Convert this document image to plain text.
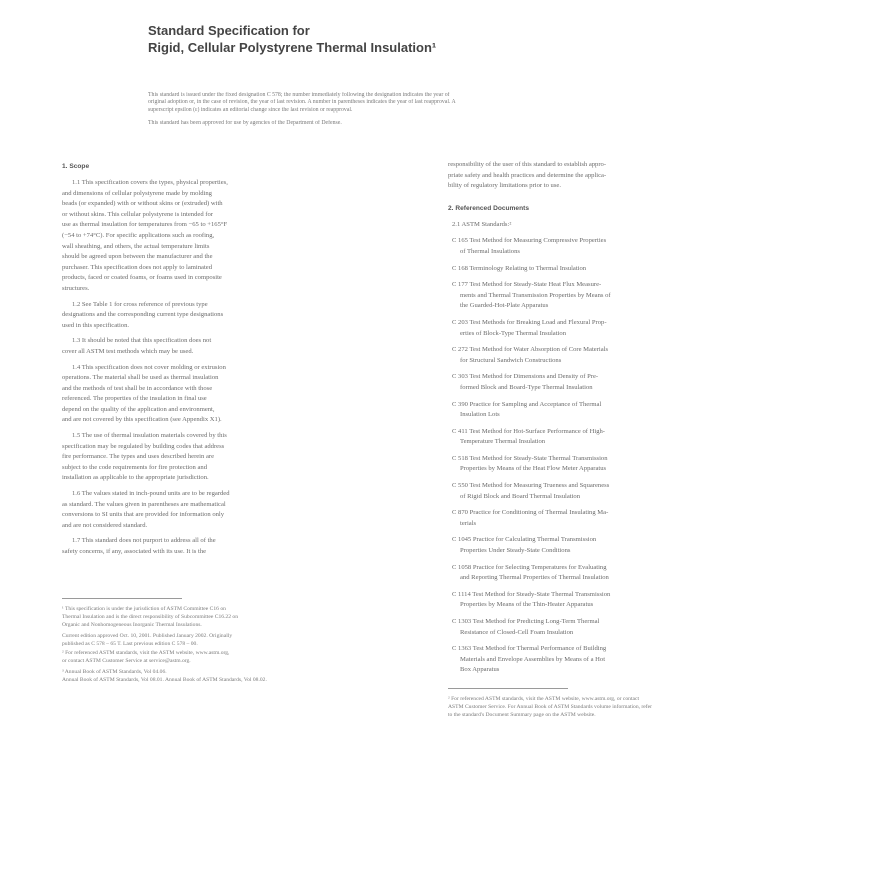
Standard Specification for
Rigid, Cellular Polystyrene Thermal Insulation¹
This standard is issued under the fixed designation C 578; the number immediately following the designation indicates the year of
original adoption or, in the case of revision, the year of last revision. A number in parentheses indicates the year of last reapproval. A
superscript epsilon (ε) indicates an editorial change since the last revision or reapproval.
This standard has been approved for use by agencies of the Department of Defense.
1. Scope
1.1 This specification covers the types, physical properties,
and dimensions of cellular polystyrene made by molding
beads (or expanded) with or without skins or (extruded) with
or without skins. This cellular polystyrene is intended for
use as thermal insulation for temperatures from −65 to +165°F
(−54 to +74°C). For specific applications such as roofing,
wall sheathing, and others, the actual temperature limits
should be agreed upon between the manufacturer and the
purchaser. This specification does not apply to laminated
products, faced or coated foams, or foams used in composite
structures.
1.2 See Table 1 for cross reference of previous type
designations and the corresponding current type designations
used in this specification.
1.3 It should be noted that this specification does not
cover all ASTM test methods which may be used.
1.4 This specification does not cover molding or extrusion
operations. The material shall be used as thermal insulation
and the methods of test shall be in accordance with those
referenced. The properties of the insulation in final use
depend on the quality of the application and environment,
and are not covered by this specification (see Appendix X1).
1.5 The use of thermal insulation materials covered by this
specification may be regulated by building codes that address
fire performance. The types and uses described herein are
subject to the code requirements for fire protection and
installation as applicable to the appropriate jurisdiction.
1.6 The values stated in inch-pound units are to be regarded
as standard. The values given in parentheses are mathematical
conversions to SI units that are provided for information only
and are not considered standard.
1.7 This standard does not purport to address all of the
safety concerns, if any, associated with its use. It is the
¹ This specification is under the jurisdiction of ASTM Committee C16 on
Thermal Insulation and is the direct responsibility of Subcommittee C16.22 on
Organic and Nonhomogeneous Inorganic Thermal Insulations.
Current edition approved Oct. 10, 2001. Published January 2002. Originally
published as C 578 – 65 T. Last previous edition C 578 – 00.
² For referenced ASTM standards, visit the ASTM website, www.astm.org,
or contact ASTM Customer Service at service@astm.org.
³ Annual Book of ASTM Standards, Vol 04.06.
Annual Book of ASTM Standards, Vol 08.01. Annual Book of ASTM Standards, Vol 08.02.
responsibility of the user of this standard to establish appro-
priate safety and health practices and determine the applica-
bility of regulatory limitations prior to use.
2. Referenced Documents
2.1 ASTM Standards:²
C 165 Test Method for Measuring Compressive Properties
of Thermal Insulations
C 168 Terminology Relating to Thermal Insulation
C 177 Test Method for Steady-State Heat Flux Measure-
ments and Thermal Transmission Properties by Means of
the Guarded-Hot-Plate Apparatus
C 203 Test Methods for Breaking Load and Flexural Prop-
erties of Block-Type Thermal Insulation
C 272 Test Method for Water Absorption of Core Materials
for Structural Sandwich Constructions
C 303 Test Method for Dimensions and Density of Pre-
formed Block and Board-Type Thermal Insulation
C 390 Practice for Sampling and Acceptance of Thermal
Insulation Lots
C 411 Test Method for Hot-Surface Performance of High-
Temperature Thermal Insulation
C 518 Test Method for Steady-State Thermal Transmission
Properties by Means of the Heat Flow Meter Apparatus
C 550 Test Method for Measuring Trueness and Squareness
of Rigid Block and Board Thermal Insulation
C 870 Practice for Conditioning of Thermal Insulating Ma-
terials
C 1045 Practice for Calculating Thermal Transmission
Properties Under Steady-State Conditions
C 1058 Practice for Selecting Temperatures for Evaluating
and Reporting Thermal Properties of Thermal Insulation
C 1114 Test Method for Steady-State Thermal Transmission
Properties by Means of the Thin-Heater Apparatus
C 1303 Test Method for Predicting Long-Term Thermal
Resistance of Closed-Cell Foam Insulation
C 1363 Test Method for Thermal Performance of Building
Materials and Envelope Assemblies by Means of a Hot
Box Apparatus
² For referenced ASTM standards, visit the ASTM website, www.astm.org, or contact
ASTM Customer Service. For Annual Book of ASTM Standards volume information, refer
to the standard's Document Summary page on the ASTM website.
